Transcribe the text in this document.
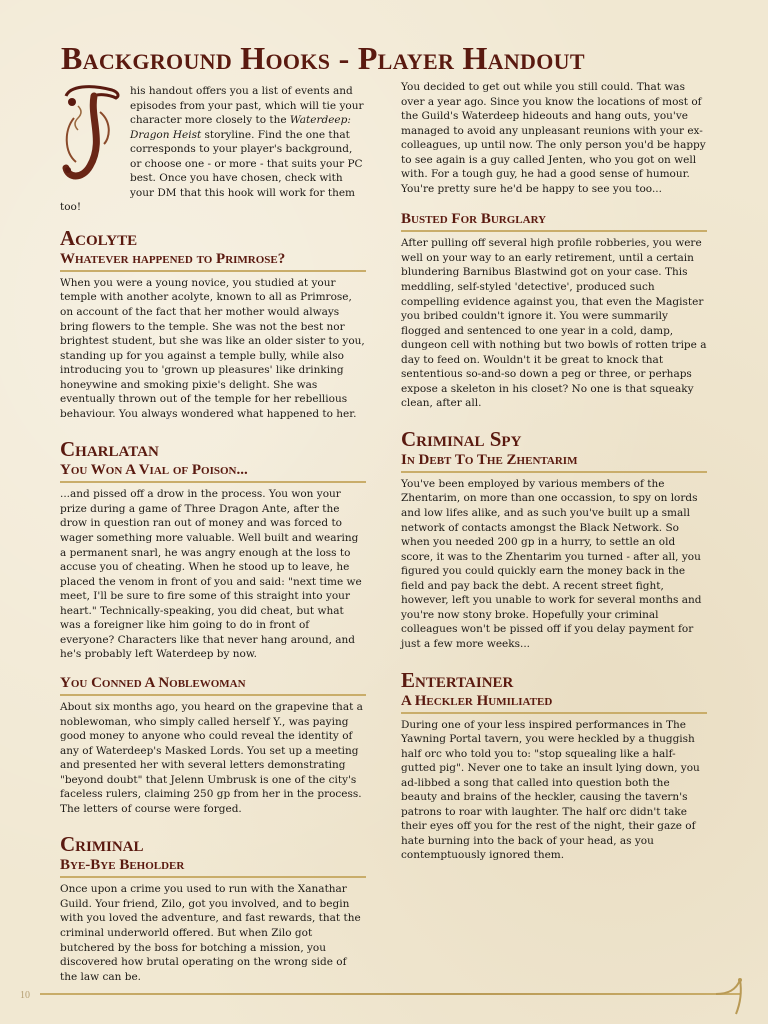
Background Hooks - Player Handout

his handout offers you a list of events and episodes from your past, which will tie your character more closely to the Waterdeep: Dragon Heist storyline. Find the one that corresponds to your player's background, or choose one - or more - that suits your PC best. Once you have chosen, check with your DM that this hook will work for them too!

Acolyte
Whatever happened to Primrose?

When you were a young novice, you studied at your temple with another acolyte, known to all as Primrose, on account of the fact that her mother would always bring flowers to the temple. She was not the best nor brightest student, but she was like an older sister to you, standing up for you against a temple bully, while also introducing you to 'grown up pleasures' like drinking honeywine and smoking pixie's delight. She was eventually thrown out of the temple for her rebellious behaviour. You always wondered what happened to her.

Charlatan
You Won A Vial of Poison...

...and pissed off a drow in the process. You won your prize during a game of Three Dragon Ante, after the drow in question ran out of money and was forced to wager something more valuable. Well built and wearing a permanent snarl, he was angry enough at the loss to accuse you of cheating. When he stood up to leave, he placed the venom in front of you and said: "next time we meet, I'll be sure to fire some of this straight into your heart." Technically-speaking, you did cheat, but what was a foreigner like him going to do in front of everyone? Characters like that never hang around, and he's probably left Waterdeep by now.

You Conned A Noblewoman

About six months ago, you heard on the grapevine that a noblewoman, who simply called herself Y., was paying good money to anyone who could reveal the identity of any of Waterdeep's Masked Lords. You set up a meeting and presented her with several letters demonstrating "beyond doubt" that Jelenn Umbrusk is one of the city's faceless rulers, claiming 250 gp from her in the process. The letters of course were forged.

Criminal
Bye-Bye Beholder

Once upon a crime you used to run with the Xanathar Guild. Your friend, Zilo, got you involved, and to begin with you loved the adventure, and fast rewards, that the criminal underworld offered. But when Zilo got butchered by the boss for botching a mission, you discovered how brutal operating on the wrong side of the law can be.

You decided to get out while you still could. That was over a year ago. Since you know the locations of most of the Guild's Waterdeep hideouts and hang outs, you've managed to avoid any unpleasant reunions with your ex-colleagues, up until now. The only person you'd be happy to see again is a guy called Jenten, who you got on well with. For a tough guy, he had a good sense of humour. You're pretty sure he'd be happy to see you too...

Busted For Burglary

After pulling off several high profile robberies, you were well on your way to an early retirement, until a certain blundering Barnibus Blastwind got on your case. This meddling, self-styled 'detective', produced such compelling evidence against you, that even the Magister you bribed couldn't ignore it. You were summarily flogged and sentenced to one year in a cold, damp, dungeon cell with nothing but two bowls of rotten tripe a day to feed on. Wouldn't it be great to knock that sententious so-and-so down a peg or three, or perhaps expose a skeleton in his closet? No one is that squeaky clean, after all.

Criminal Spy
In Debt To The Zhentarim

You've been employed by various members of the Zhentarim, on more than one occassion, to spy on lords and low lifes alike, and as such you've built up a small network of contacts amongst the Black Network. So when you needed 200 gp in a hurry, to settle an old score, it was to the Zhentarim you turned - after all, you figured you could quickly earn the money back in the field and pay back the debt. A recent street fight, however, left you unable to work for several months and you're now stony broke. Hopefully your criminal colleagues won't be pissed off if you delay payment for just a few more weeks...

Entertainer
A Heckler Humiliated

During one of your less inspired performances in The Yawning Portal tavern, you were heckled by a thuggish half orc who told you to: "stop squealing like a half-gutted pig". Never one to take an insult lying down, you ad-libbed a song that called into question both the beauty and brains of the heckler, causing the tavern's patrons to roar with laughter. The half orc didn't take their eyes off you for the rest of the night, their gaze of hate burning into the back of your head, as you contemptuously ignored them.

10
